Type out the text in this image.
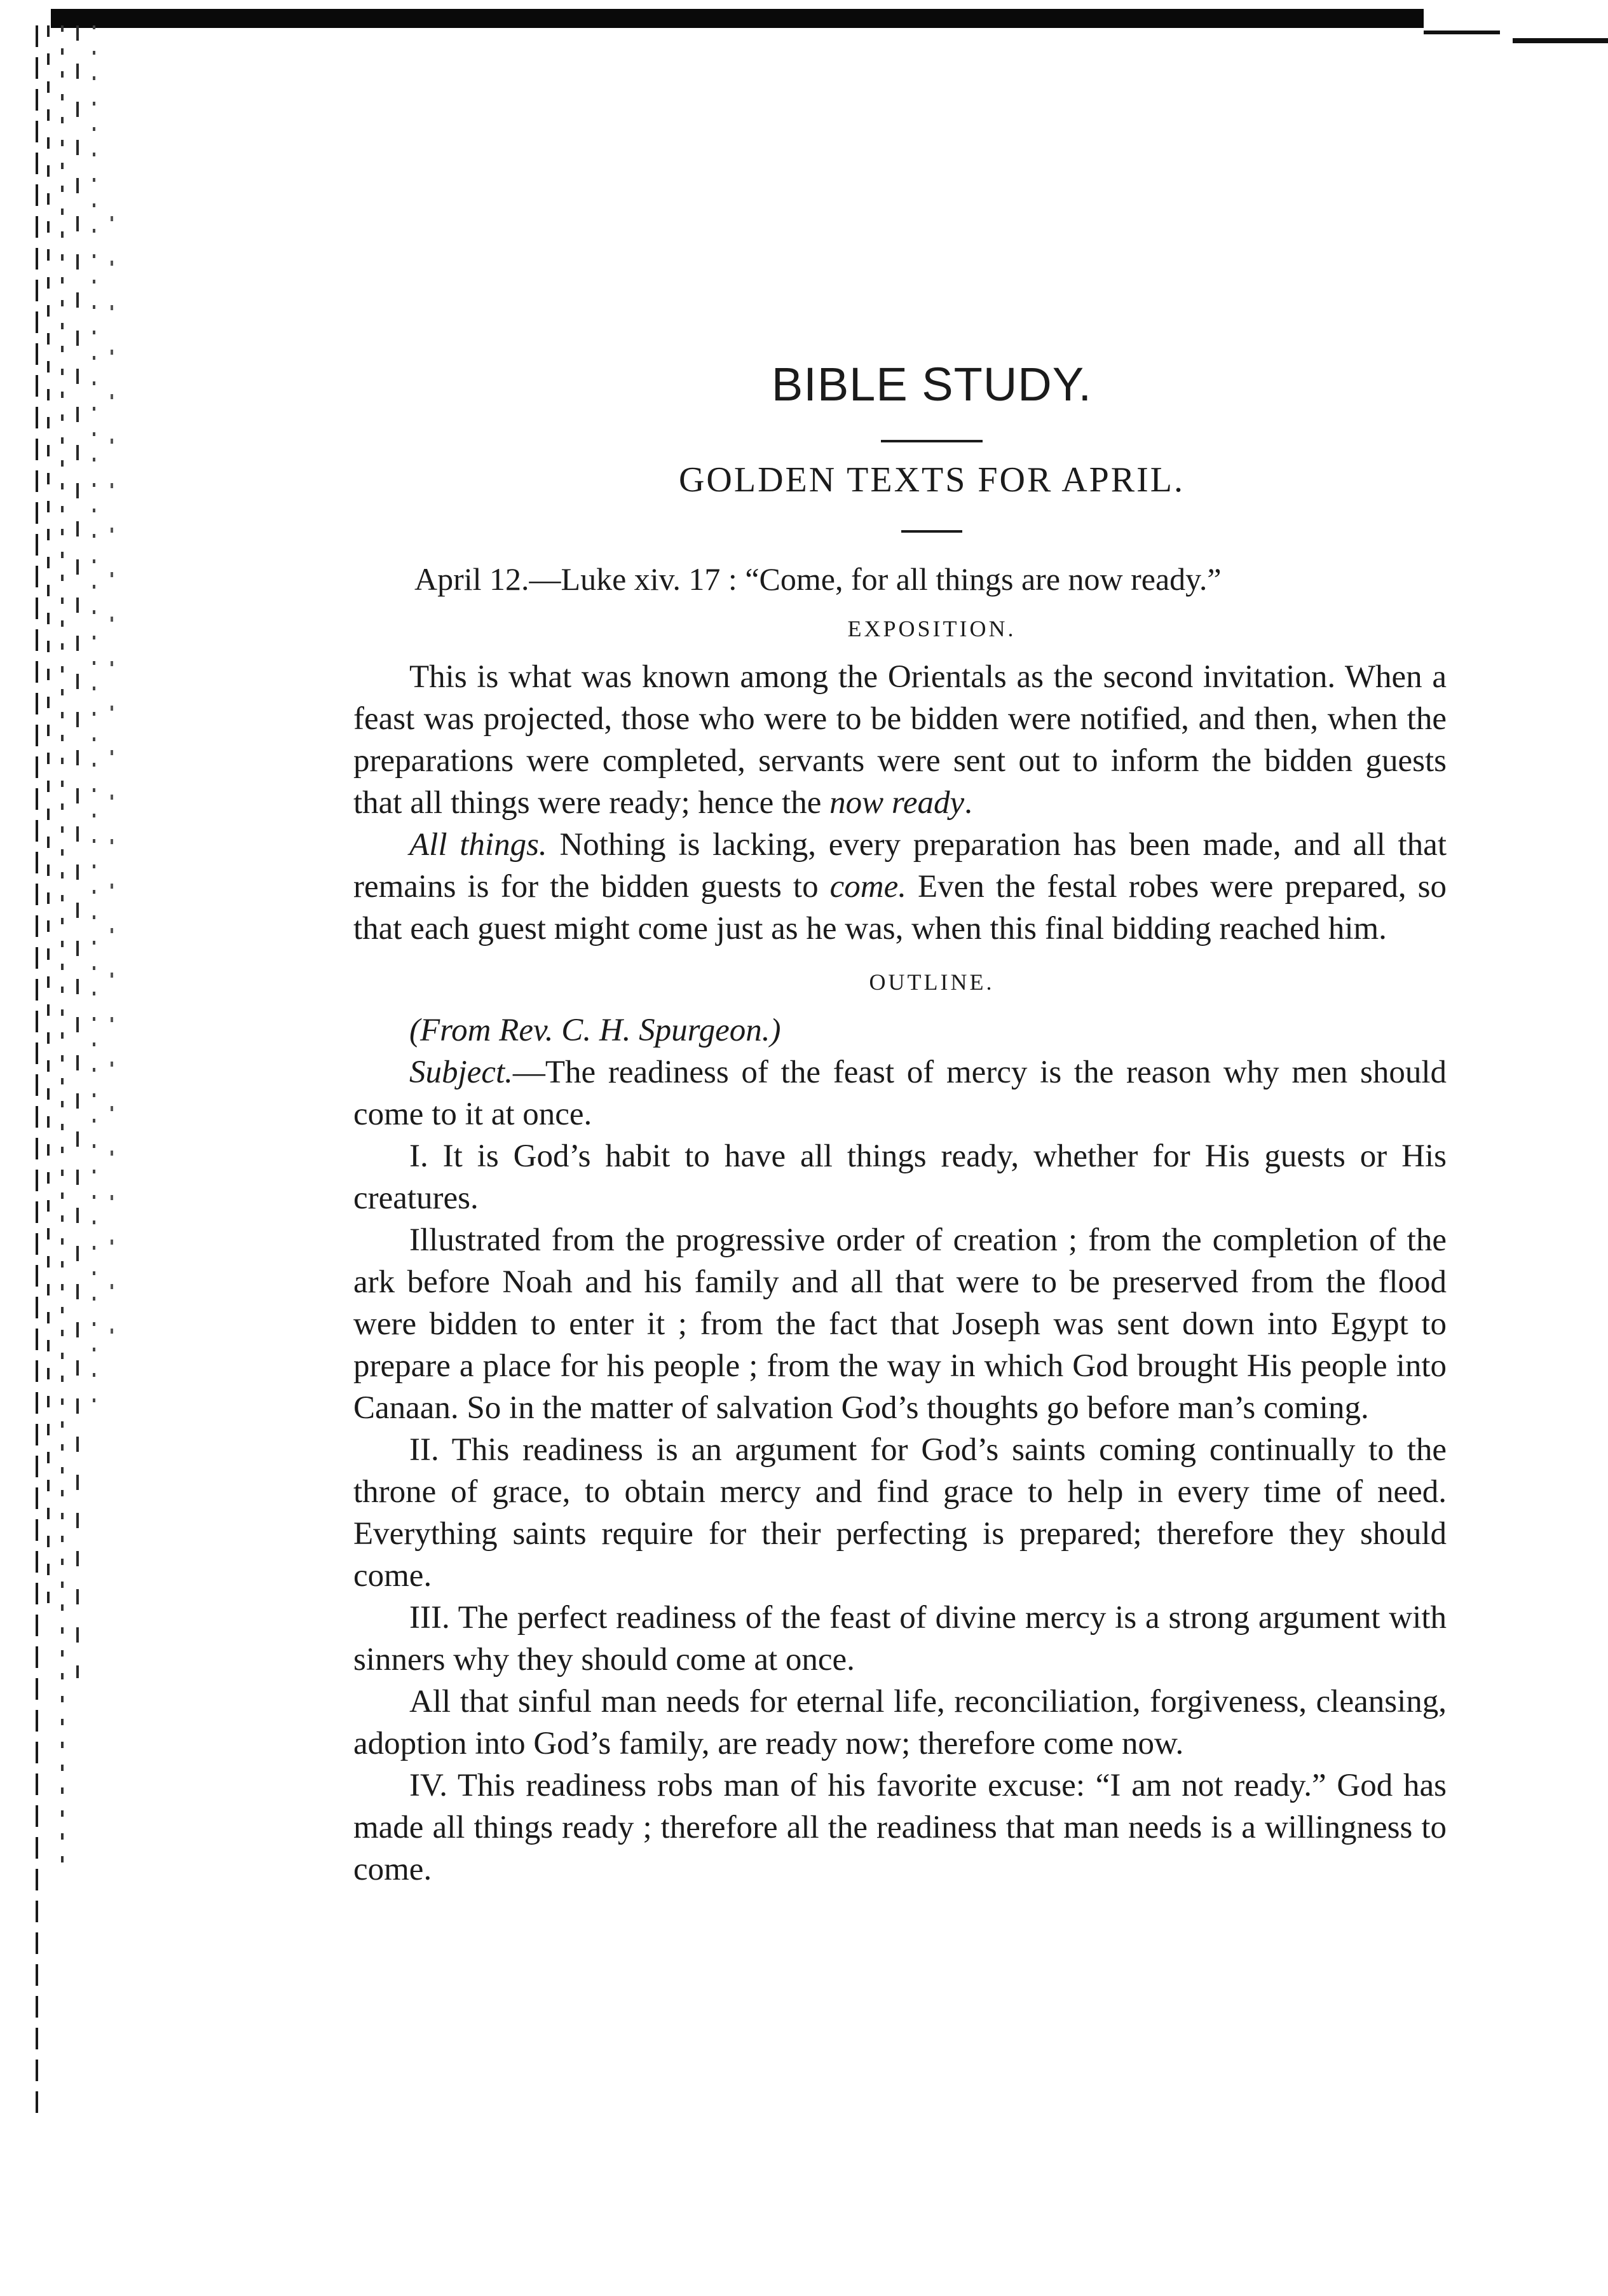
BIBLE STUDY.
GOLDEN TEXTS FOR APRIL.
April 12.—Luke xiv. 17 : “Come, for all things are now ready.”
EXPOSITION.

This is what was known among the Orientals as the second invitation. When a feast was projected, those who were to be bidden were notified, and then, when the preparations were completed, servants were sent out to inform the bidden guests that all things were ready; hence the now ready.

All things. Nothing is lacking, every preparation has been made, and all that remains is for the bidden guests to come. Even the festal robes were prepared, so that each guest might come just as he was, when this final bidding reached him.

OUTLINE.

(From Rev. C. H. Spurgeon.)

Subject.—The readiness of the feast of mercy is the reason why men should come to it at once.

I. It is God’s habit to have all things ready, whether for His guests or His creatures.

Illustrated from the progressive order of creation ; from the completion of the ark before Noah and his family and all that were to be preserved from the flood were bidden to enter it ; from the fact that Joseph was sent down into Egypt to prepare a place for his people ; from the way in which God brought His people into Canaan. So in the matter of salvation God’s thoughts go before man’s coming.

II. This readiness is an argument for God’s saints coming continually to the throne of grace, to obtain mercy and find grace to help in every time of need. Everything saints require for their perfecting is prepared; therefore they should come.

III. The perfect readiness of the feast of divine mercy is a strong argument with sinners why they should come at once.

All that sinful man needs for eternal life, reconciliation, forgiveness, cleansing, adoption into God’s family, are ready now; therefore come now.

IV. This readiness robs man of his favorite excuse: “I am not ready.” God has made all things ready ; therefore all the readiness that man needs is a willingness to come.
